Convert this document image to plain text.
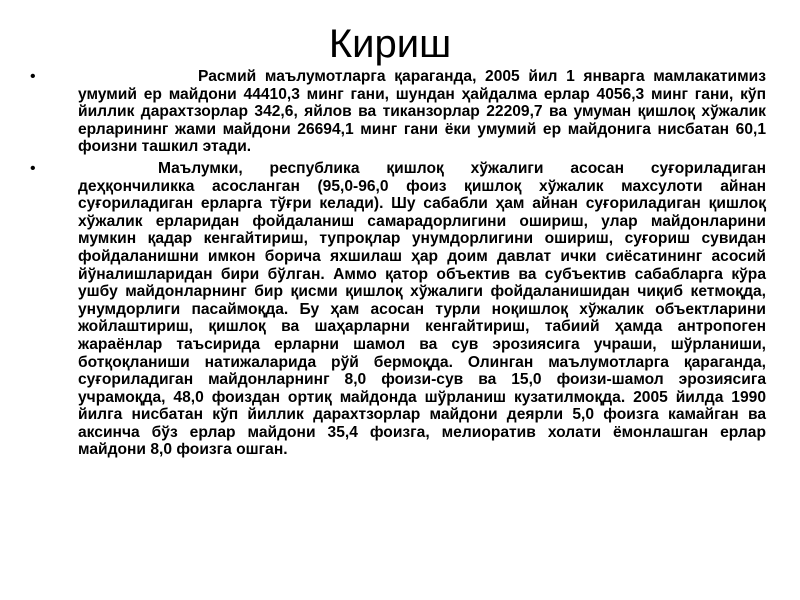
Кириш
•	Расмий маълумотларга қараганда, 2005 йил 1 январга мамлакатимиз умумий ер майдони 44410,3 минг гани, шундан ҳайдалма ерлар 4056,3 минг гани, кўп йиллик дарахтзорлар 342,6, яйлов ва тиканзорлар 22209,7 ва умуман қишлоқ хўжалик ерларининг жами майдони 26694,1 минг гани ёки умумий ер майдонига нисбатан 60,1 фоизни ташкил этади.

•	Маълумки, республика қишлоқ хўжалиги асосан суғориладиган деҳқончиликка асосланган (95,0-96,0 фоиз қишлоқ хўжалик махсулоти айнан суғориладиган ерларга тўғри келади). Шу сабабли ҳам айнан суғориладиган қишлоқ хўжалик ерларидан фойдаланиш самарадорлигини ошириш, улар майдонларини мумкин қадар кенгайтириш, тупроқлар унумдорлигини ошириш, суғориш сувидан фойдаланишни имкон борича яхшилаш ҳар доим давлат ички сиёсатининг асосий йўналишларидан бири бўлган. Аммо қатор объектив ва субъектив сабабларга кўра ушбу майдонларнинг бир қисми қишлоқ хўжалиги фойдаланишидан чиқиб кетмоқда, унумдорлиги пасаймоқда. Бу ҳам асосан турли ноқишлоқ хўжалик объектларини жойлаштириш, қишлоқ ва шаҳарларни кенгайтириш, табиий ҳамда антропоген жараёнлар таъсирида ерларни шамол ва сув эрозиясига учраши, шўрланиши, ботқоқланиши натижаларида рўй бермоқда. Олинган маълумотларга қараганда, суғориладиган майдонларнинг 8,0 фоизи-сув ва 15,0 фоизи-шамол эрозиясига учрамоқда, 48,0 фоиздан ортиқ майдонда шўрланиш кузатилмоқда. 2005 йилда 1990 йилга нисбатан кўп йиллик дарахтзорлар майдони деярли 5,0 фоизга камайган ва аксинча бўз ерлар майдони 35,4 фоизга, мелиоратив холати ёмонлашган ерлар майдони 8,0 фоизга ошган.
